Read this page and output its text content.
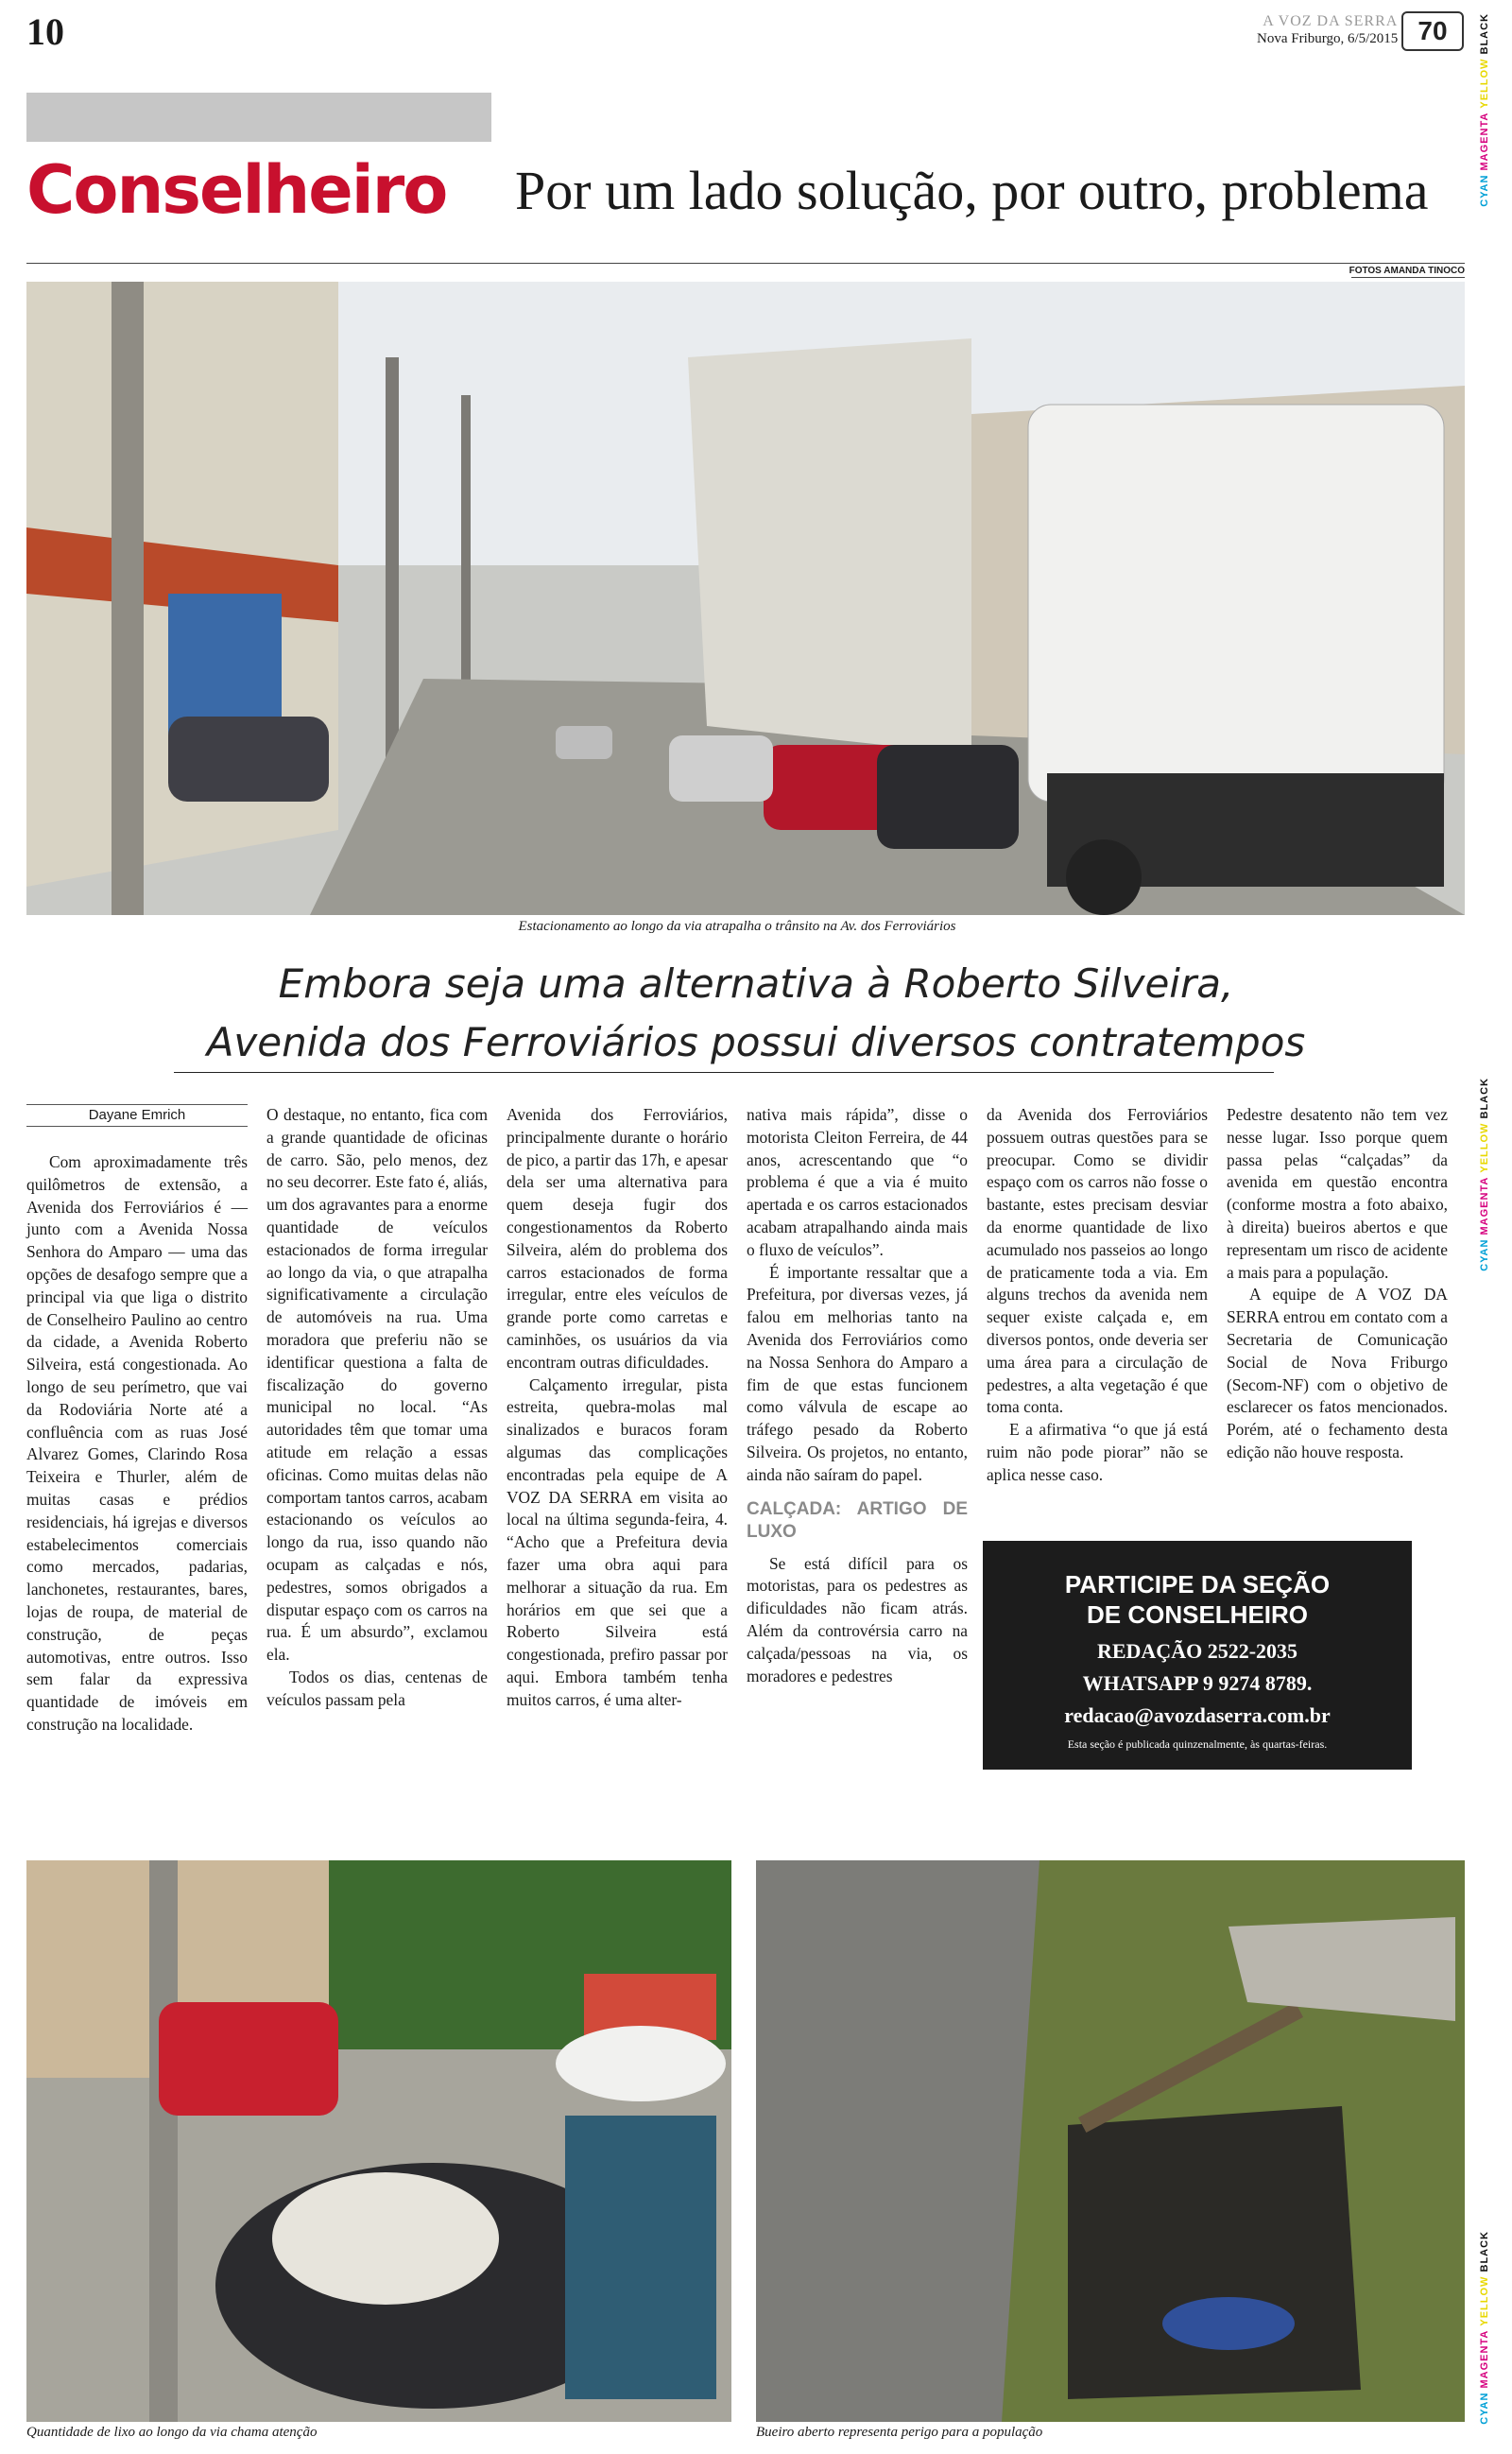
10	A VOZ DA SERRA
Nova Friburgo, 6/5/2015 70
CYAN MAGENTA YELLOW BLACK
CYAN MAGENTA YELLOW BLACK
CYAN MAGENTA YELLOW BLACK
Conselheiro Por um lado solução, por outro, problema
FOTOS AMANDA TINOCO
Estacionamento ao longo da via atrapalha o trânsito na Av. dos Ferroviários
Embora seja uma alternativa à Roberto Silveira,
Avenida dos Ferroviários possui diversos contratempos
Dayane Emrich

Com aproximadamente três quilômetros de extensão, a Avenida dos Ferroviários é — junto com a Avenida Nossa Senhora do Amparo — uma das opções de desafogo sempre que a principal via que liga o distrito de Conselheiro Paulino ao centro da cidade, a Avenida Roberto Silveira, está congestionada. Ao longo de seu perímetro, que vai da Rodoviária Norte até a confluência com as ruas José Alvarez Gomes, Clarindo Rosa Teixeira e Thurler, além de muitas casas e prédios residenciais, há igrejas e diversos estabelecimentos comerciais como mercados, padarias, lanchonetes, restaurantes, bares, lojas de roupa, de material de construção, de peças automotivas, entre outros. Isso sem falar da expressiva quantidade de imóveis em construção na localidade.

O destaque, no entanto, fica com a grande quantidade de oficinas de carro. São, pelo menos, dez no seu decorrer. Este fato é, aliás, um dos agravantes para a enorme quantidade de veículos estacionados de forma irregular ao longo da via, o que atrapalha significativamente a circulação de automóveis na rua. Uma moradora que preferiu não se identificar questiona a falta de fiscalização do governo municipal no local. “As autoridades têm que tomar uma atitude em relação a essas oficinas. Como muitas delas não comportam tantos carros, acabam estacionando os veículos ao longo da rua, isso quando não ocupam as calçadas e nós, pedestres, somos obrigados a disputar espaço com os carros na rua. É um absurdo”, exclamou ela.

Todos os dias, centenas de veículos passam pela

Avenida dos Ferroviários, principalmente durante o horário de pico, a partir das 17h, e apesar dela ser uma alternativa para quem deseja fugir dos congestionamentos da Roberto Silveira, além do problema dos carros estacionados de forma irregular, entre eles veículos de grande porte como carretas e caminhões, os usuários da via encontram outras dificuldades.

Calçamento irregular, pista estreita, quebra-molas mal sinalizados e buracos foram algumas das complicações encontradas pela equipe de A VOZ DA SERRA em visita ao local na última segunda-feira, 4. “Acho que a Prefeitura devia fazer uma obra aqui para melhorar a situação da rua. Em horários em que sei que a Roberto Silveira está congestionada, prefiro passar por aqui. Embora também tenha muitos carros, é uma alter-

nativa mais rápida”, disse o motorista Cleiton Ferreira, de 44 anos, acrescentando que “o problema é que a via é muito apertada e os carros estacionados acabam atrapalhando ainda mais o fluxo de veículos”.

É importante ressaltar que a Prefeitura, por diversas vezes, já falou em melhorias tanto na Avenida dos Ferroviários como na Nossa Senhora do Amparo a fim de que estas funcionem como válvula de escape ao tráfego pesado da Roberto Silveira. Os projetos, no entanto, ainda não saíram do papel.

CALÇADA: ARTIGO DE LUXO

Se está difícil para os motoristas, para os pedestres as dificuldades não ficam atrás. Além da controvérsia carro na calçada/pessoas na via, os moradores e pedestres

da Avenida dos Ferroviários possuem outras questões para se preocupar. Como se dividir espaço com os carros não fosse o bastante, estes precisam desviar da enorme quantidade de lixo acumulado nos passeios ao longo de praticamente toda a via. Em alguns trechos da avenida nem sequer existe calçada e, em diversos pontos, onde deveria ser uma área para a circulação de pedestres, a alta vegetação é que toma conta.

E a afirmativa “o que já está ruim não pode piorar” não se aplica nesse caso.

Pedestre desatento não tem vez nesse lugar. Isso porque quem passa pelas “calçadas” da avenida em questão encontra (conforme mostra a foto abaixo, à direita) bueiros abertos e que representam um risco de acidente a mais para a população.

A equipe de A VOZ DA SERRA entrou em contato com a Secretaria de Comunicação Social de Nova Friburgo (Secom-NF) com o objetivo de esclarecer os fatos mencionados. Porém, até o fechamento desta edição não houve resposta.

PARTICIPE DA SEÇÃO
DE CONSELHEIRO
REDAÇÃO 2522-2035
WHATSAPP 9 9274 8789.
redacao@avozdaserra.com.br
Esta seção é publicada quinzenalmente, às quartas-feiras.
Quantidade de lixo ao longo da via chama atenção	Bueiro aberto representa perigo para a população
